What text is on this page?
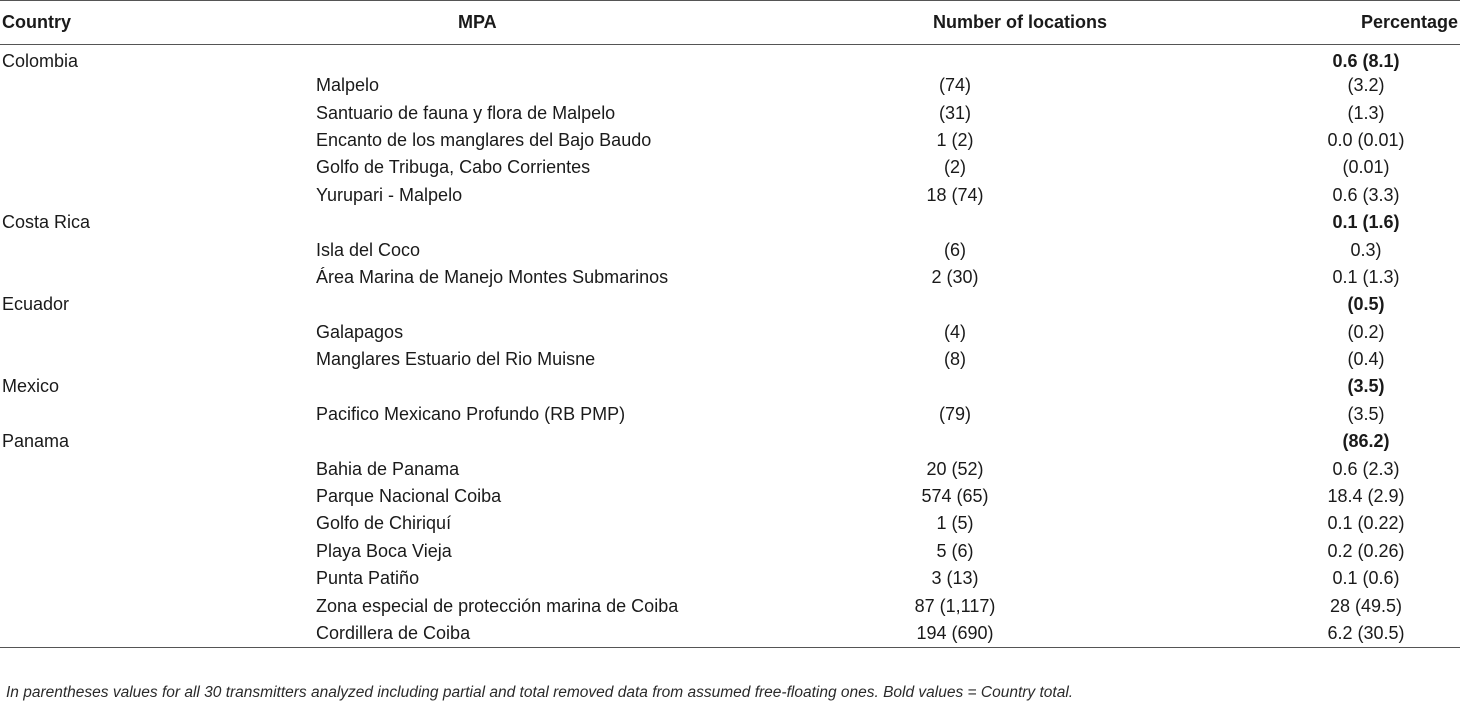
Country	MPA	Number of locations	Percentage
Colombia			0.6 (8.1)
	Malpelo	(74)	(3.2)
	Santuario de fauna y flora de Malpelo	(31)	(1.3)
	Encanto de los manglares del Bajo Baudo	1 (2)	0.0 (0.01)
	Golfo de Tribuga, Cabo Corrientes	(2)	(0.01)
	Yurupari - Malpelo	18 (74)	0.6 (3.3)
Costa Rica			0.1 (1.6)
	Isla del Coco	(6)	0.3)
	Área Marina de Manejo Montes Submarinos	2 (30)	0.1 (1.3)
Ecuador			(0.5)
	Galapagos	(4)	(0.2)
	Manglares Estuario del Rio Muisne	(8)	(0.4)
Mexico			(3.5)
	Pacifico Mexicano Profundo (RB PMP)	(79)	(3.5)
Panama			(86.2)
	Bahia de Panama	20 (52)	0.6 (2.3)
	Parque Nacional Coiba	574 (65)	18.4 (2.9)
	Golfo de Chiriquí	1 (5)	0.1 (0.22)
	Playa Boca Vieja	5 (6)	0.2 (0.26)
	Punta Patiño	3 (13)	0.1 (0.6)
	Zona especial de protección marina de Coiba	87 (1,117)	28 (49.5)
	Cordillera de Coiba	194 (690)	6.2 (30.5)
In parentheses values for all 30 transmitters analyzed including partial and total removed data from assumed free-floating ones. Bold values = Country total.
